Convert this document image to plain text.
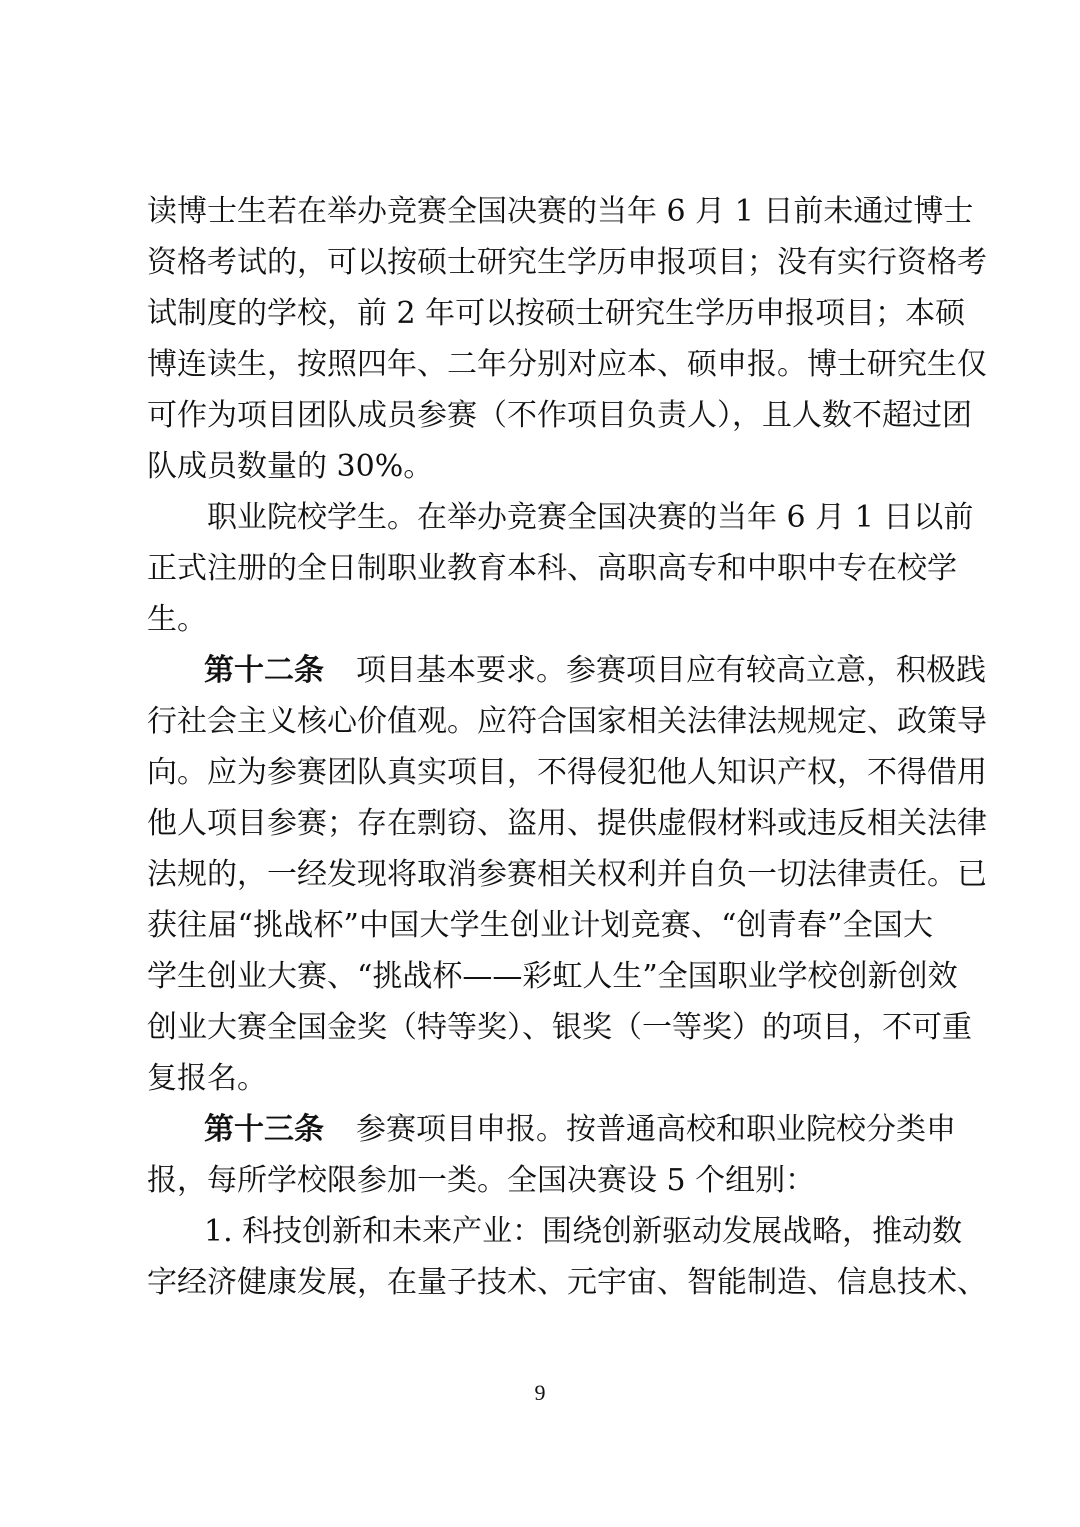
读博士生若在举办竞赛全国决赛的当年 6 月 1 日前未通过博士
资格考试的，可以按硕士研究生学历申报项目；没有实行资格考
试制度的学校，前 2 年可以按硕士研究生学历申报项目；本硕
博连读生，按照四年、二年分别对应本、硕申报。博士研究生仅
可作为项目团队成员参赛（不作项目负责人），且人数不超过团
队成员数量的 30%。
职业院校学生。在举办竞赛全国决赛的当年 6 月 1 日以前
正式注册的全日制职业教育本科、高职高专和中职中专在校学
生。
第十二条 项目基本要求。参赛项目应有较高立意，积极践
行社会主义核心价值观。应符合国家相关法律法规规定、政策导
向。应为参赛团队真实项目，不得侵犯他人知识产权，不得借用
他人项目参赛；存在剽窃、盗用、提供虚假材料或违反相关法律
法规的，一经发现将取消参赛相关权利并自负一切法律责任。已
获往届“挑战杯”中国大学生创业计划竞赛、“创青春”全国大
学生创业大赛、“挑战杯——彩虹人生”全国职业学校创新创效
创业大赛全国金奖（特等奖）、银奖（一等奖）的项目，不可重
复报名。
第十三条 参赛项目申报。按普通高校和职业院校分类申
报，每所学校限参加一类。全国决赛设 5 个组别：
1. 科技创新和未来产业：围绕创新驱动发展战略，推动数
字经济健康发展，在量子技术、元宇宙、智能制造、信息技术、
9
